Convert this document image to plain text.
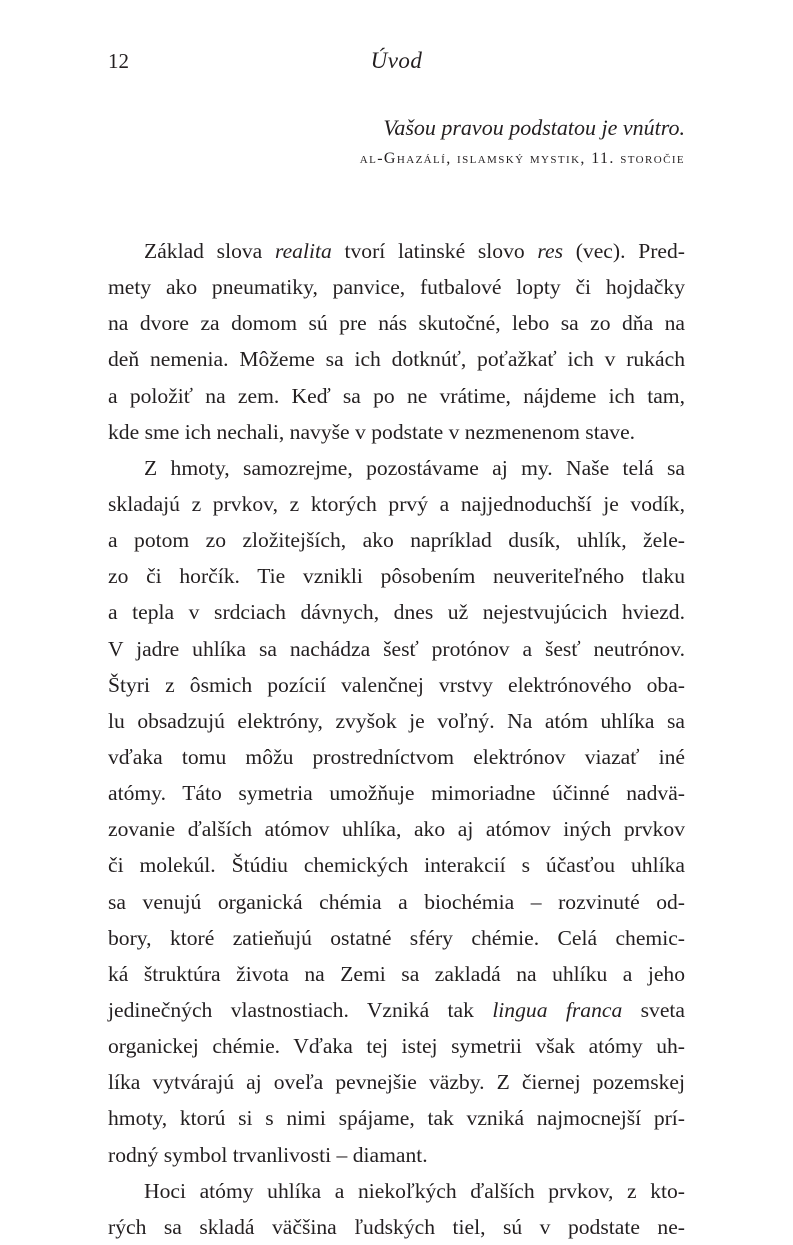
12	Úvod
Vašou pravou podstatou je vnútro.
al-Ghazálí, islamský mystik, 11. storočie
Základ slova realita tvorí latinské slovo res (vec). Pred-
mety ako pneumatiky, panvice, futbalové lopty či hojdačky
na dvore za domom sú pre nás skutočné, lebo sa zo dňa na
deň nemenia. Môžeme sa ich dotknúť, poťažkať ich v rukách
a položiť na zem. Keď sa po ne vrátime, nájdeme ich tam,
kde sme ich nechali, navyše v podstate v nezmenenom stave.
Z hmoty, samozrejme, pozostávame aj my. Naše telá sa
skladajú z prvkov, z ktorých prvý a najjednoduchší je vodík,
a potom zo zložitejších, ako napríklad dusík, uhlík, žele-
zo či horčík. Tie vznikli pôsobením neuveriteľného tlaku
a tepla v srdciach dávnych, dnes už nejestvujúcich hviezd.
V jadre uhlíka sa nachádza šesť protónov a šesť neutrónov.
Štyri z ôsmich pozícií valenčnej vrstvy elektrónového oba-
lu obsadzujú elektróny, zvyšok je voľný. Na atóm uhlíka sa
vďaka tomu môžu prostredníctvom elektrónov viazať iné
atómy. Táto symetria umožňuje mimoriadne účinné nadvä-
zovanie ďalších atómov uhlíka, ako aj atómov iných prvkov
či molekúl. Štúdiu chemických interakcií s účasťou uhlíka
sa venujú organická chémia a biochémia – rozvinuté od-
bory, ktoré zatieňujú ostatné sféry chémie. Celá chemic-
ká štruktúra života na Zemi sa zakladá na uhlíku a jeho
jedinečných vlastnostiach. Vzniká tak lingua franca sveta
organickej chémie. Vďaka tej istej symetrii však atómy uh-
líka vytvárajú aj oveľa pevnejšie väzby. Z čiernej pozemskej
hmoty, ktorú si s nimi spájame, tak vzniká najmocnejší prí-
rodný symbol trvanlivosti – diamant.
Hoci atómy uhlíka a niekoľkých ďalších prvkov, z kto-
rých sa skladá väčšina ľudských tiel, sú v podstate ne-
